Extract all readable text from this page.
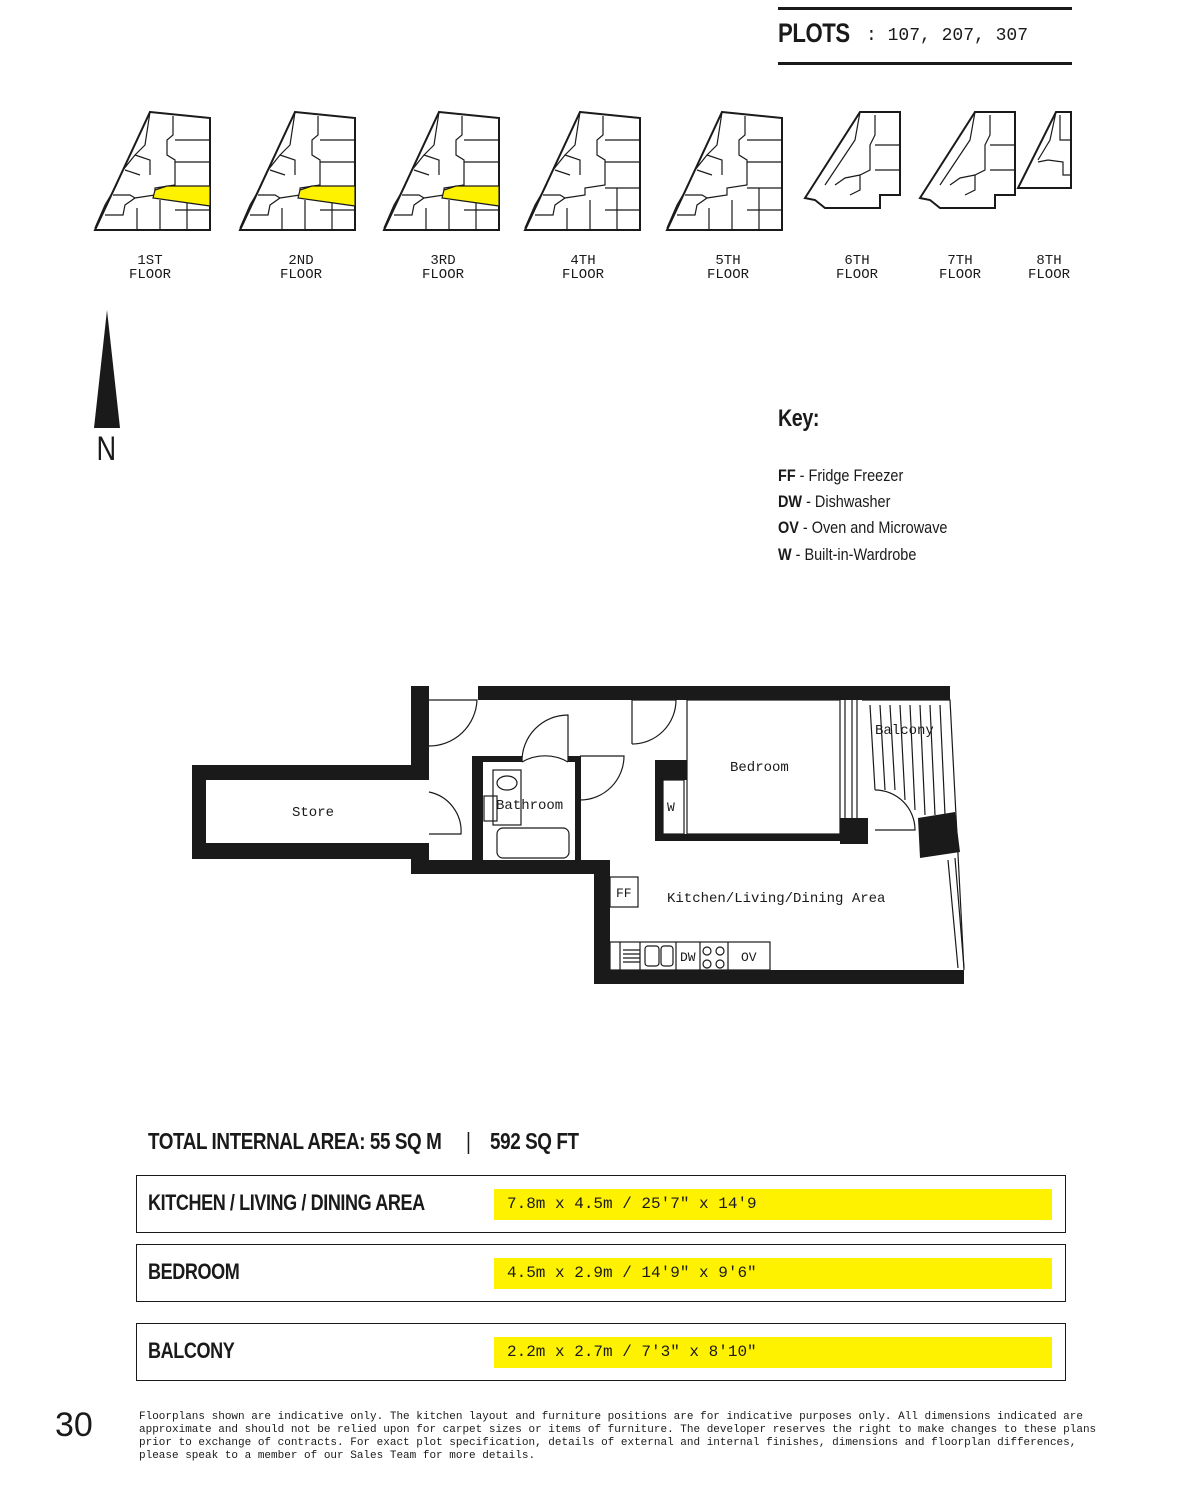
PLOTS : 107, 207, 307
1ST
FLOOR
2ND
FLOOR
3RD
FLOOR
4TH
FLOOR
5TH
FLOOR
6TH
FLOOR
7TH
FLOOR
8TH
FLOOR
N
Key:
FF - Fridge Freezer
DW - Dishwasher
OV - Oven and Microwave
W - Built-in-Wardrobe
Store	Bathroom
Bedroom
Balcony
Kitchen/Living/Dining Area
FF
DW	OV
W
TOTAL INTERNAL AREA: 55 SQ M | 592 SQ FT
KITCHEN / LIVING / DINING AREA	7.8m x 4.5m / 25'7" x 14'9
BEDROOM	4.5m x 2.9m / 14'9" x 9'6"
BALCONY	2.2m x 2.7m / 7'3" x 8'10"
30	Floorplans shown are indicative only. The kitchen layout and furniture positions are for indicative purposes only. All dimensions indicated are approximate and should not be relied upon for carpet sizes or items of furniture. The developer reserves the right to make changes to these plans prior to exchange of contracts. For exact plot specification, details of external and internal finishes, dimensions and floorplan differences, please speak to a member of our Sales Team for more details.
